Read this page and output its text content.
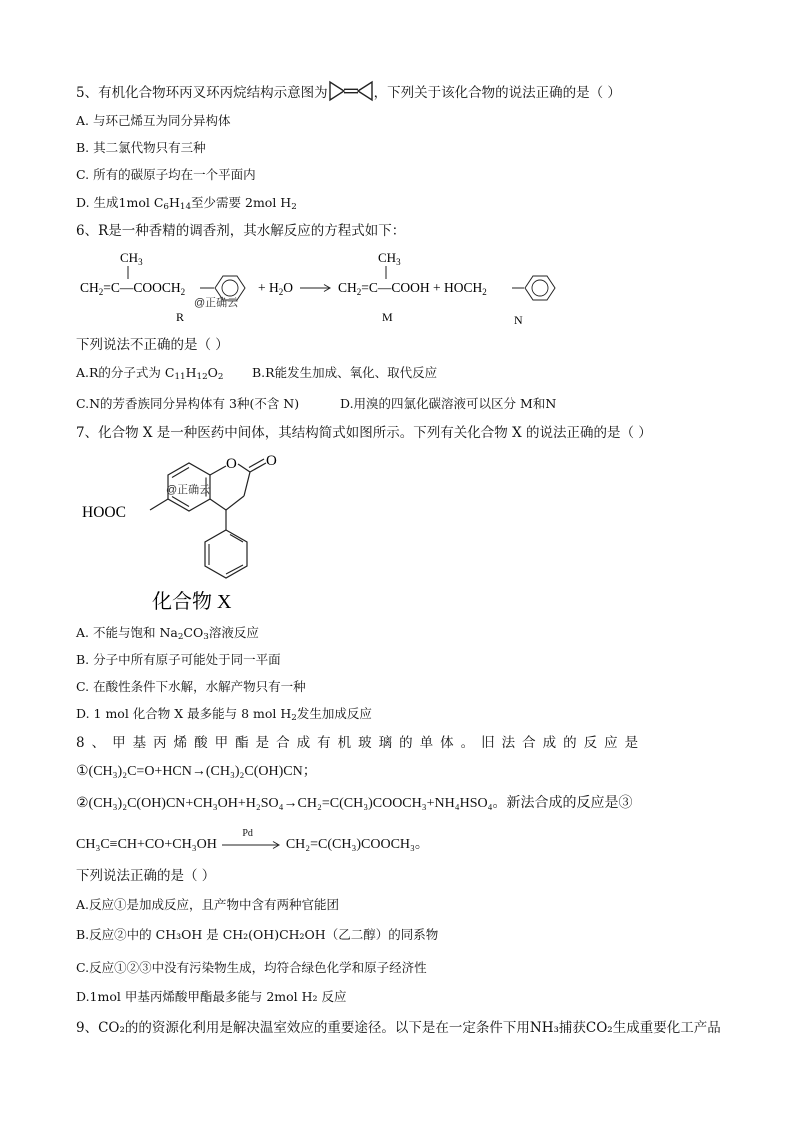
5、有机化合物环丙叉环丙烷结构示意图为	，下列关于该化合物的说法正确的是（ ）
A. 与环己烯互为同分异构体
B. 其二氯代物只有三种
C. 所有的碳原子均在一个平面内
D. 生成1mol $C_6H_{14}$至少需要 2mol $H_2$
6、R是一种香精的调香剂，其水解反应的方程式如下：
$CH_3$
$CH_2=C—COOCH_2$
@正确云
R
+ $H_2O$
$CH_3$
$CH_2=C—COOH$ + $HOCH_2$
M	N
下列说法不正确的是（ ）
A.R的分子式为 $C_{11}H_{12}O_2$ B.R能发生加成、氧化、取代反应
C.N的芳香族同分异构体有 3种(不含 N)	D.用溴的四氯化碳溶液可以区分 M和N
7、化合物 X 是一种医药中间体，其结构简式如图所示。下列有关化合物 X 的说法正确的是（ ）
O O
HOOC
@正确云
化合物 X
A. 不能与饱和 $Na_2CO_3$溶液反应
B. 分子中所有原子可能处于同一平面
C. 在酸性条件下水解，水解产物只有一种
D. 1 mol 化合物 X 最多能与 8 mol $H_2$发生加成反应
8、甲基丙烯酸甲酯是合成有机玻璃的单体。旧法合成的反应是
①(CH₃)₂C=O+HCN→(CH₃)₂C(OH)CN；
②(CH₃)₂C(OH)CN+CH₃OH+H₂SO₄→CH₂=C(CH₃)COOCH₃+NH₄HSO₄。新法合成的反应是③
CH₃C≡CH+CO+CH₃OH
Pd
CH₂=C(CH₃)COOCH₃。
下列说法正确的是（ ）
A.反应①是加成反应，且产物中含有两种官能团
B.反应②中的 CH₃OH 是 CH₂(OH)CH₂OH（乙二醇）的同系物
C.反应①②③中没有污染物生成，均符合绿色化学和原子经济性
D.1mol 甲基丙烯酸甲酯最多能与 2mol H₂ 反应
9、CO₂的的资源化利用是解决温室效应的重要途径。以下是在一定条件下用NH₃捕获CO₂生成重要化工产品
